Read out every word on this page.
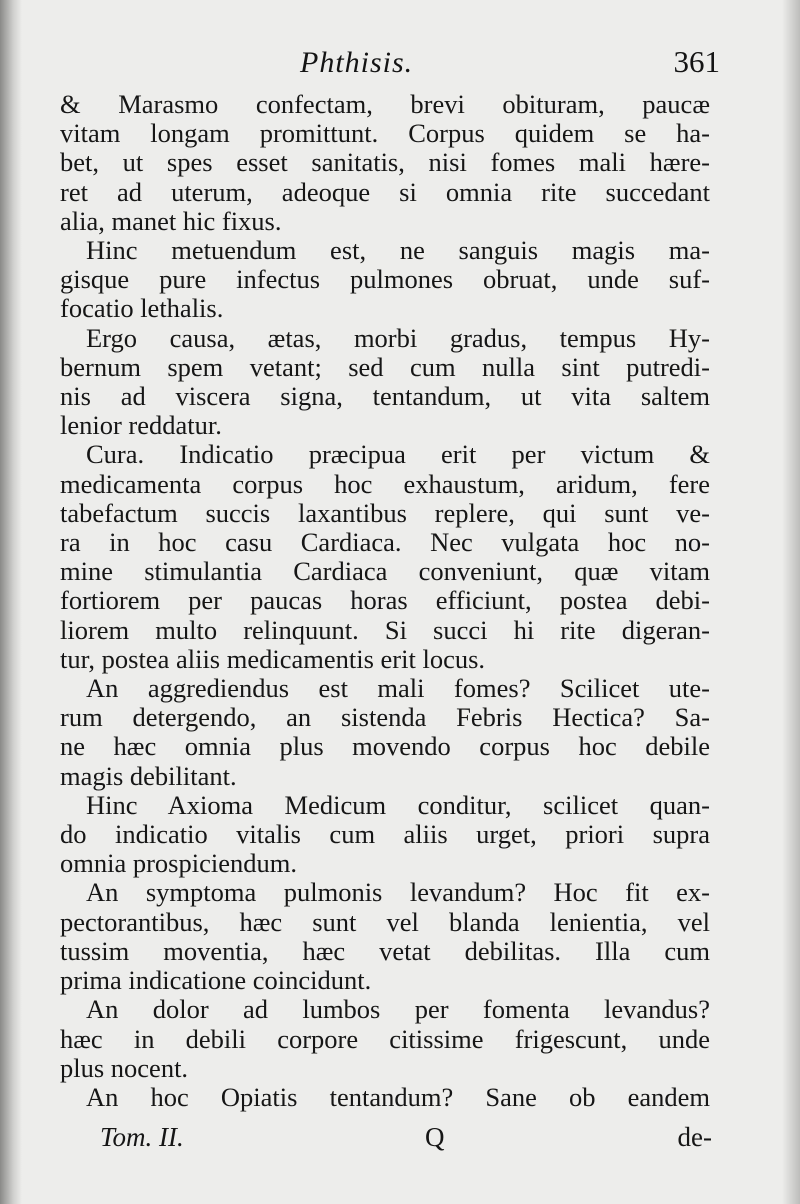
Phthisis.	361
& Marasmo confectam, brevi obituram, paucæ
vitam longam promittunt. Corpus quidem se ha-
bet, ut spes esset sanitatis, nisi fomes mali hære-
ret ad uterum, adeoque si omnia rite succedant
alia, manet hic fixus.
Hinc metuendum est, ne sanguis magis ma-
gisque pure infectus pulmones obruat, unde suf-
focatio lethalis.
Ergo causa, ætas, morbi gradus, tempus Hy-
bernum spem vetant; sed cum nulla sint putredi-
nis ad viscera signa, tentandum, ut vita saltem
lenior reddatur.
Cura. Indicatio præcipua erit per victum &
medicamenta corpus hoc exhaustum, aridum, fere
tabefactum succis laxantibus replere, qui sunt ve-
ra in hoc casu Cardiaca. Nec vulgata hoc no-
mine stimulantia Cardiaca conveniunt, quæ vitam
fortiorem per paucas horas efficiunt, postea debi-
liorem multo relinquunt. Si succi hi rite digeran-
tur, postea aliis medicamentis erit locus.
An aggrediendus est mali fomes? Scilicet ute-
rum detergendo, an sistenda Febris Hectica? Sa-
ne hæc omnia plus movendo corpus hoc debile
magis debilitant.
Hinc Axioma Medicum conditur, scilicet quan-
do indicatio vitalis cum aliis urget, priori supra
omnia prospiciendum.
An symptoma pulmonis levandum? Hoc fit ex-
pectorantibus, hæc sunt vel blanda lenientia, vel
tussim moventia, hæc vetat debilitas. Illa cum
prima indicatione coincidunt.
An dolor ad lumbos per fomenta levandus?
hæc in debili corpore citissime frigescunt, unde
plus nocent.
An hoc Opiatis tentandum? Sane ob eandem
Tom. II.	Q	de-
